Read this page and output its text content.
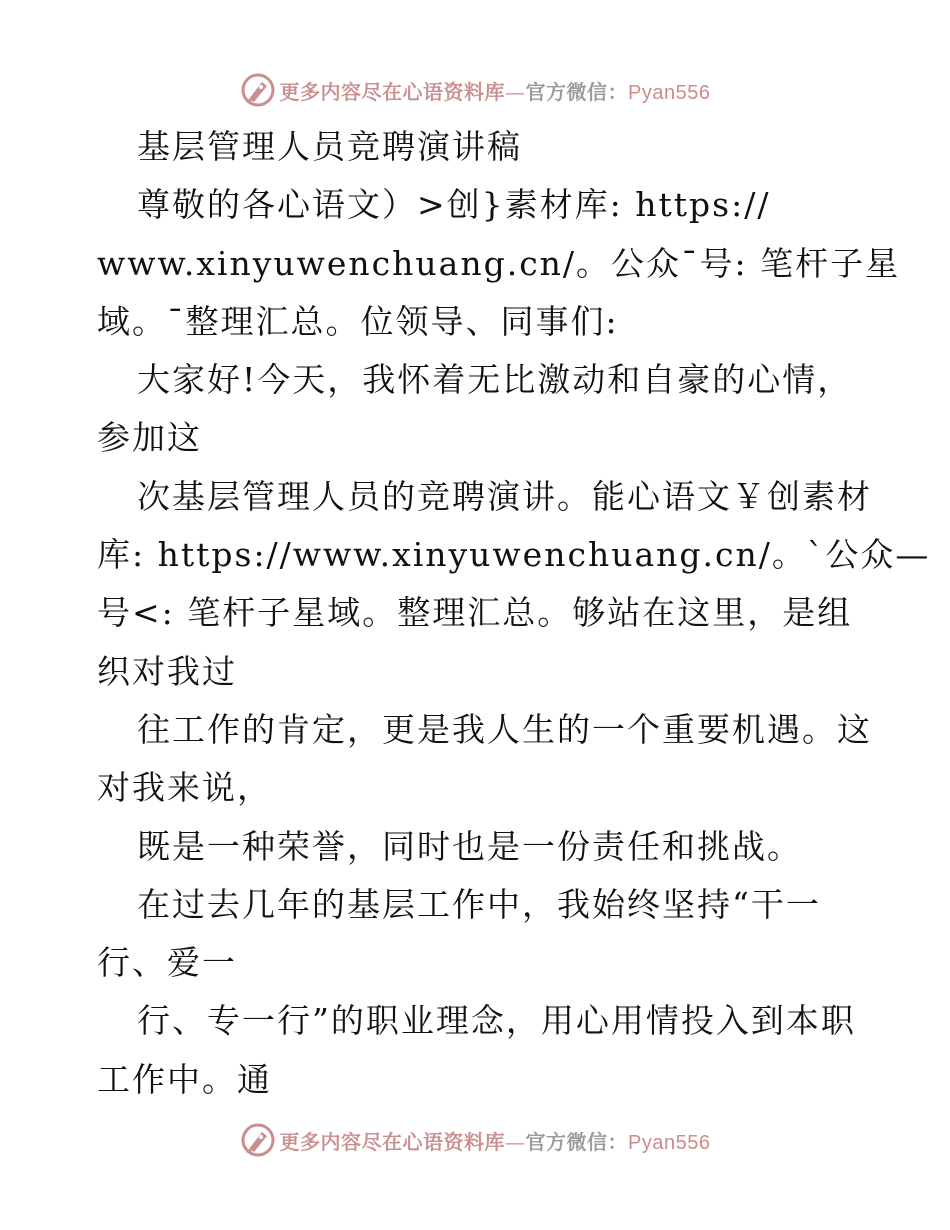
更多内容尽在心语资料库—官方微信：Pyan556
基层管理人员竞聘演讲稿
尊敬的各心语文）>创}素材库: https://
www.xinyuwenchuang.cn/。公众¯号: 笔杆子星
域。¯整理汇总。位领导、同事们:
大家好!今天，我怀着无比激动和自豪的心情，
参加这
次基层管理人员的竞聘演讲。能心语文￥创素材
库: https://www.xinyuwenchuang.cn/。`公众—
号<: 笔杆子星域。整理汇总。够站在这里，是组
织对我过
往工作的肯定，更是我人生的一个重要机遇。这
对我来说，
既是一种荣誉，同时也是一份责任和挑战。
在过去几年的基层工作中，我始终坚持“干一
行、爱一
行、专一行”的职业理念，用心用情投入到本职
工作中。通
更多内容尽在心语资料库—官方微信：Pyan556
